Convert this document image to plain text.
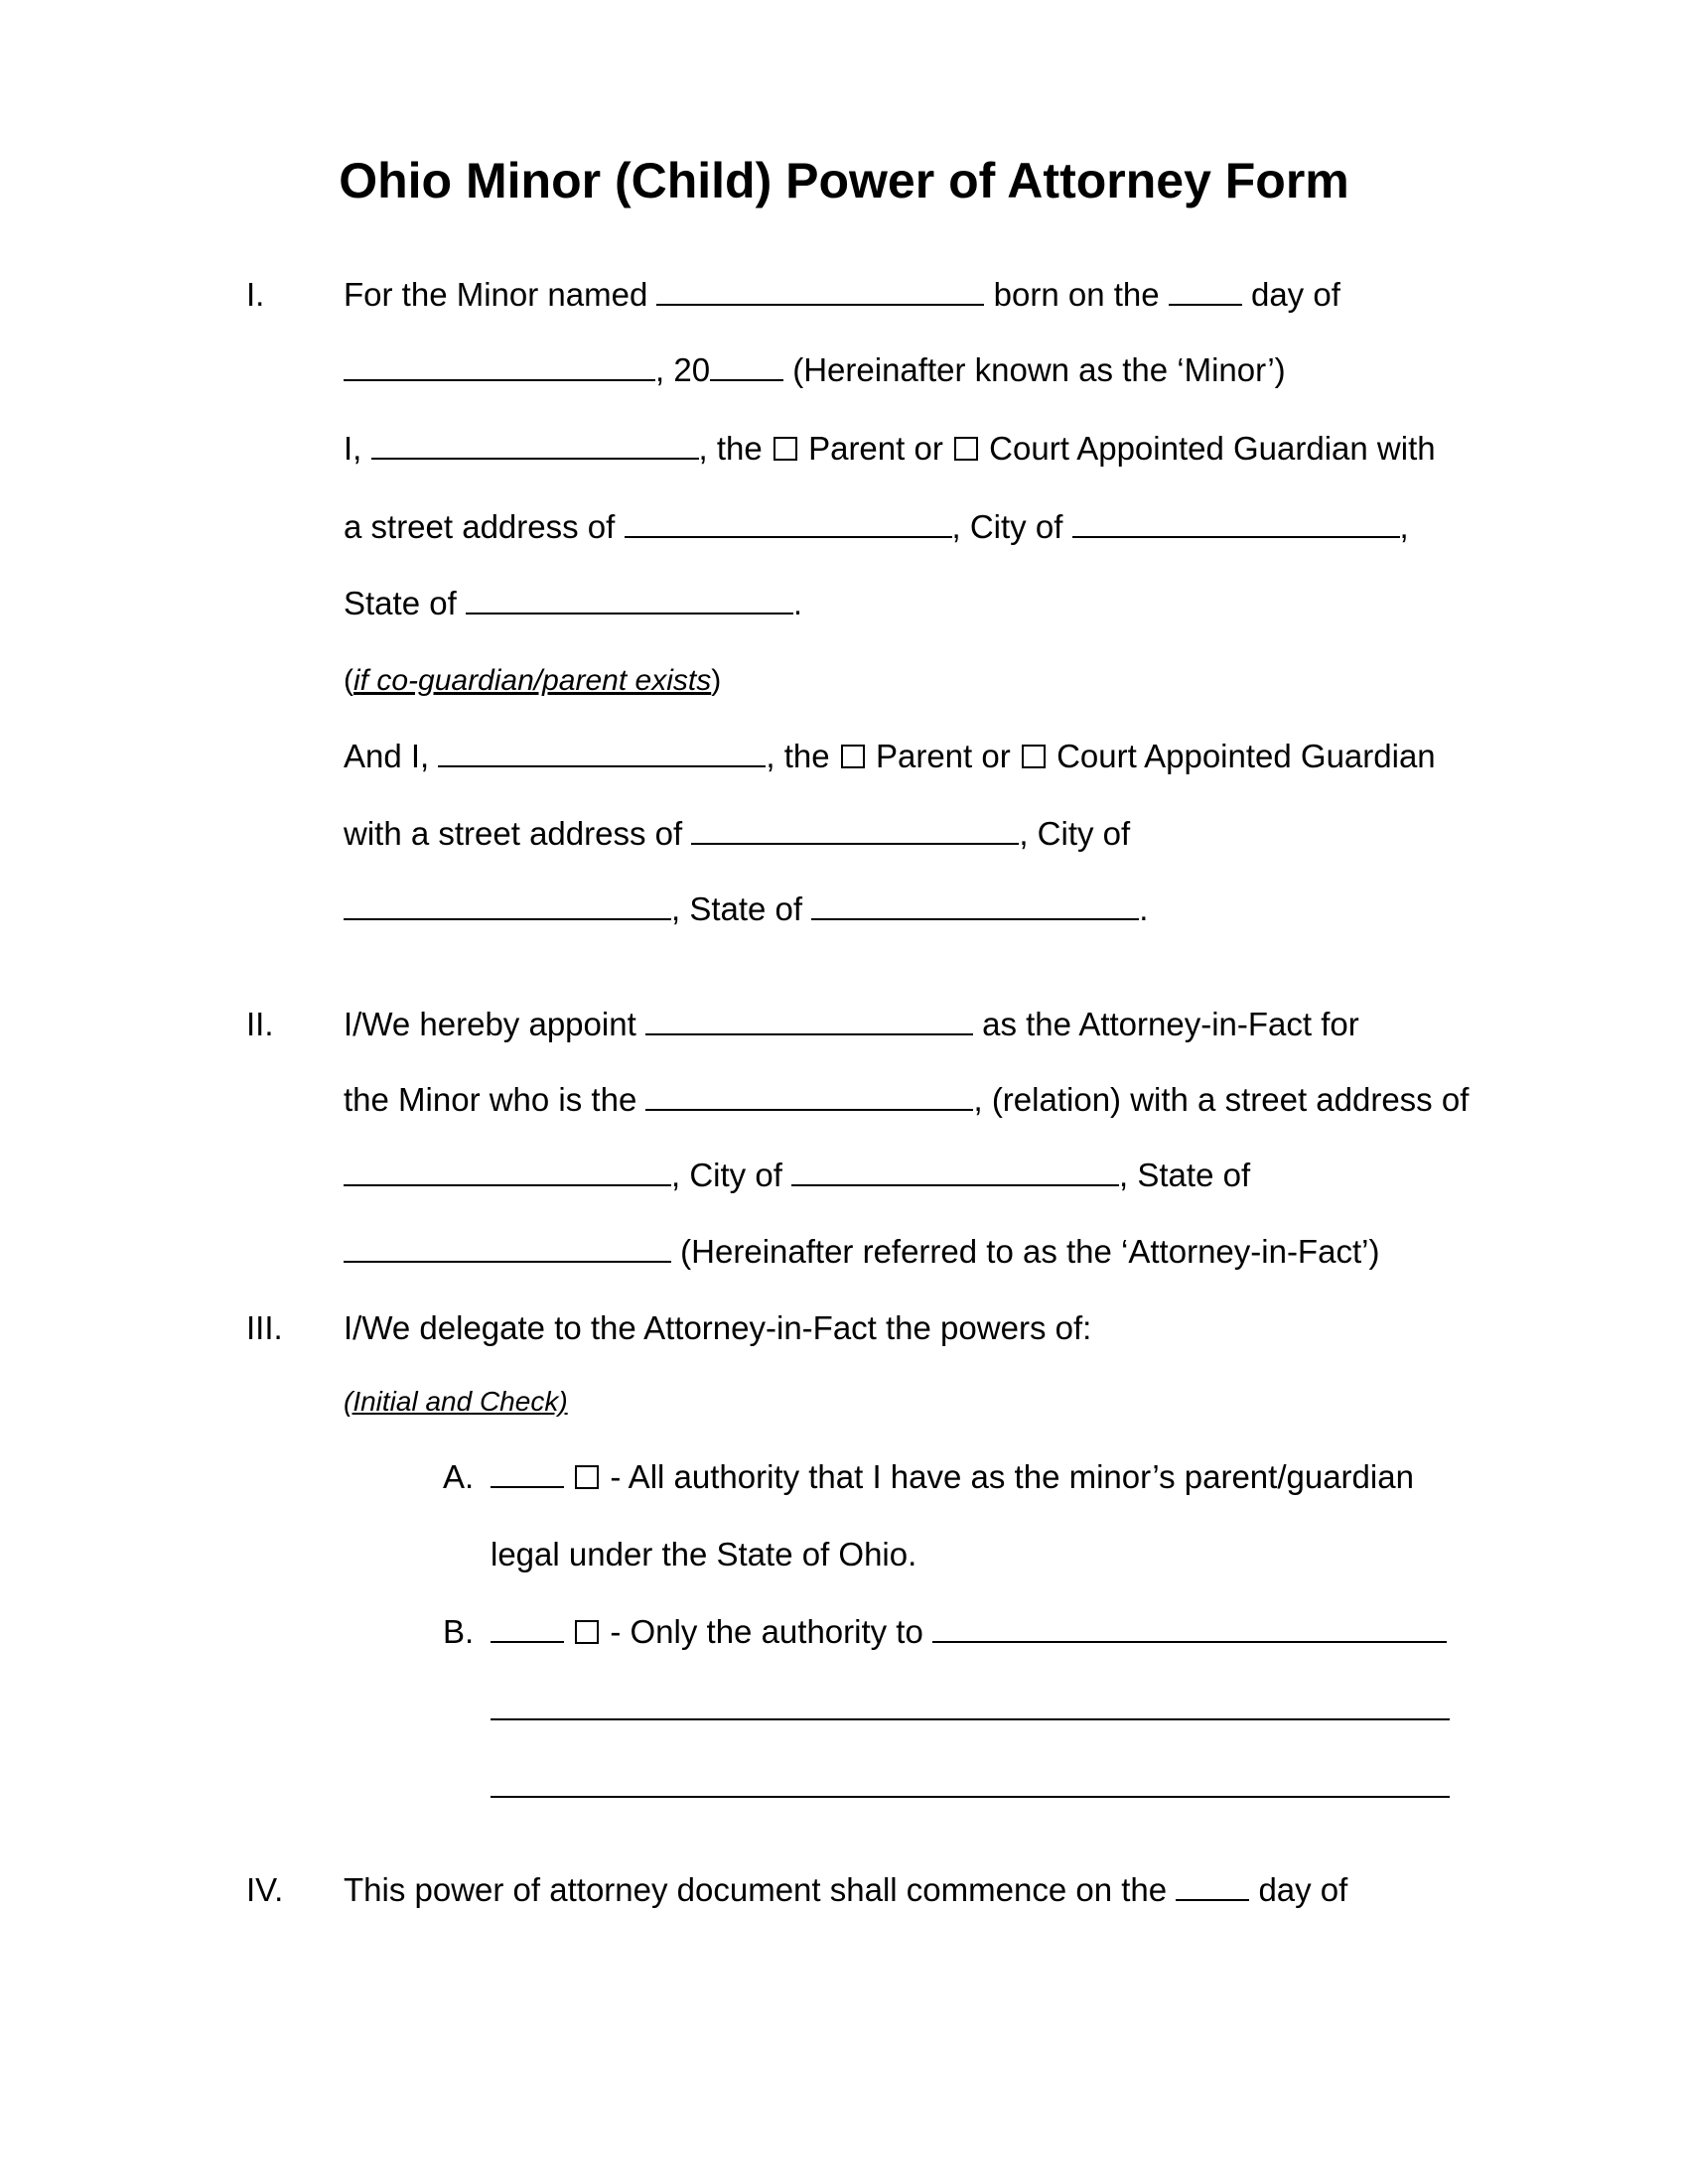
Ohio Minor (Child) Power of Attorney Form
I. For the Minor named	born on the	day of
, 20	(Hereinafter known as the ‘Minor’)
I,	, the Parent or Court Appointed Guardian with
a street address of	, City of	,
State of	.
(if co-guardian/parent exists)
And I,	, the Parent or Court Appointed Guardian
with a street address of	, City of
, State of	.
II. I/We hereby appoint	as the Attorney-in-Fact for
the Minor who is the	, (relation) with a street address of
, City of	, State of
(Hereinafter referred to as the ‘Attorney-in-Fact’)
III. I/We delegate to the Attorney-in-Fact the powers of:
(Initial and Check)
A.	- All authority that I have as the minor’s parent/guardian
legal under the State of Ohio.
B.	- Only the authority to
IV. This power of attorney document shall commence on the	day of
